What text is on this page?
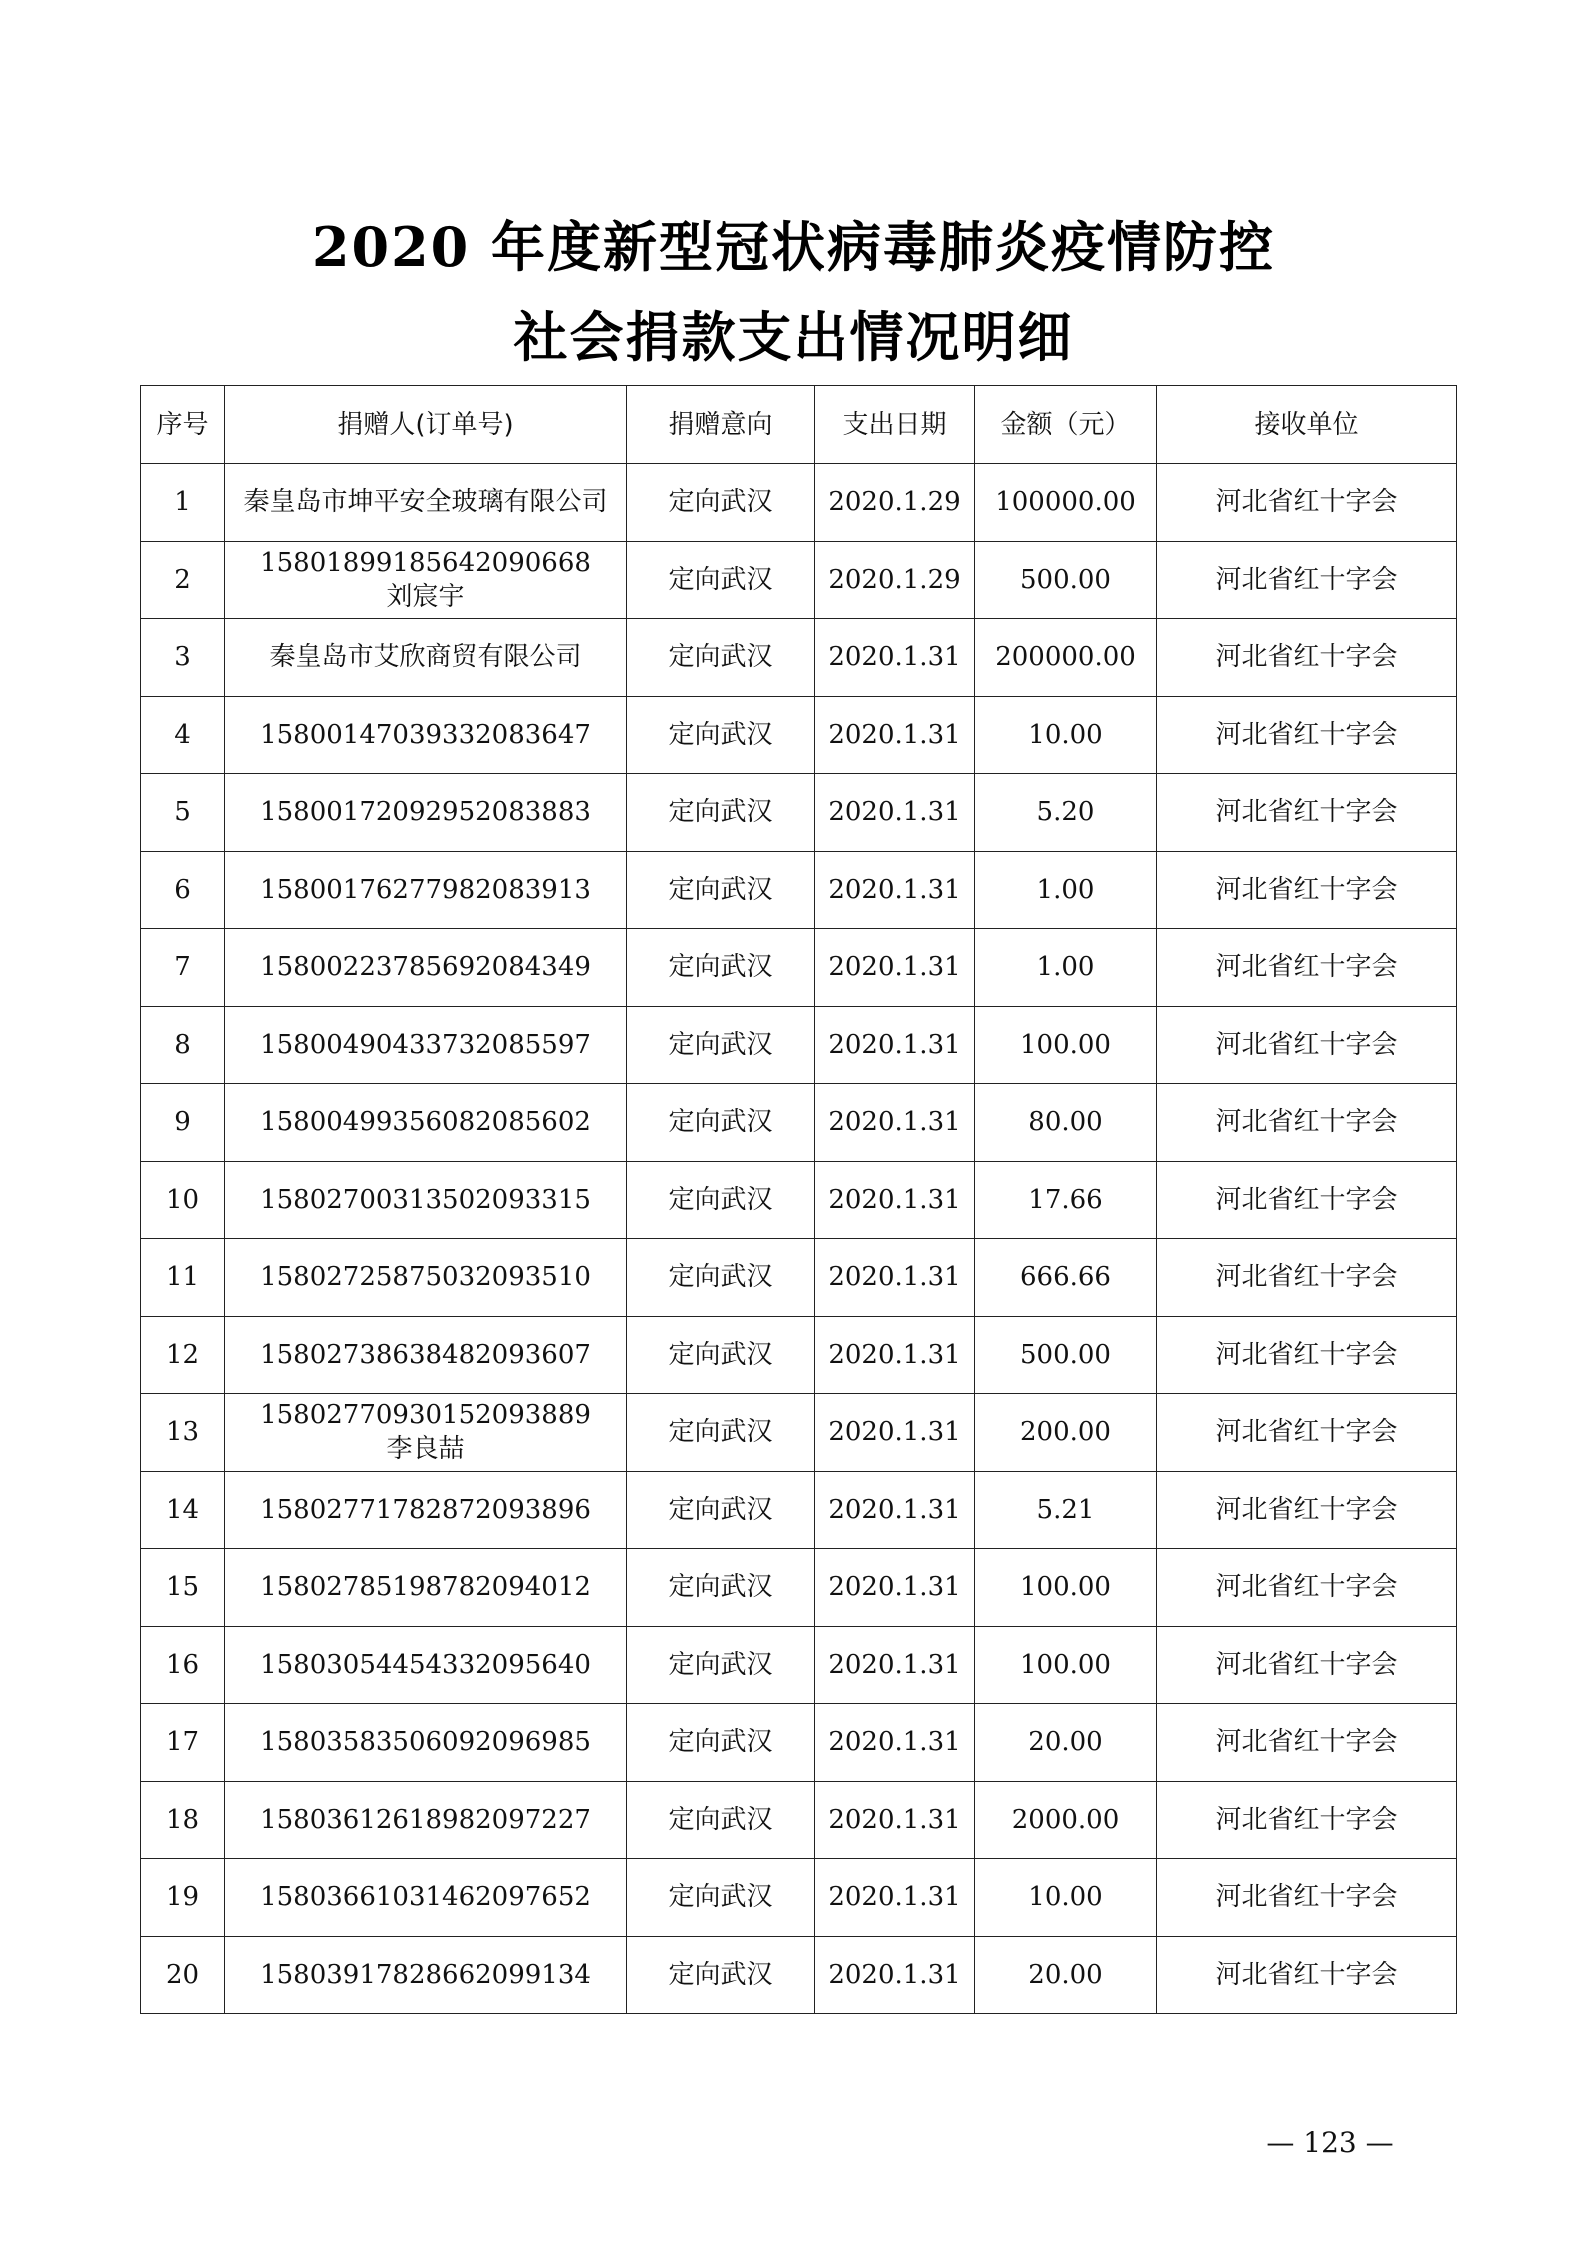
2020 年度新型冠状病毒肺炎疫情防控
社会捐款支出情况明细
序号	捐赠人(订单号)	捐赠意向	支出日期	金额（元）	接收单位
1	秦皇岛市坤平安全玻璃有限公司	定向武汉	2020.1.29	100000.00	河北省红十字会
2	15801899185642090668
刘宸宇	定向武汉	2020.1.29	500.00	河北省红十字会
3	秦皇岛市艾欣商贸有限公司	定向武汉	2020.1.31	200000.00	河北省红十字会
4	15800147039332083647	定向武汉	2020.1.31	10.00	河北省红十字会
5	15800172092952083883	定向武汉	2020.1.31	5.20	河北省红十字会
6	15800176277982083913	定向武汉	2020.1.31	1.00	河北省红十字会
7	15800223785692084349	定向武汉	2020.1.31	1.00	河北省红十字会
8	15800490433732085597	定向武汉	2020.1.31	100.00	河北省红十字会
9	15800499356082085602	定向武汉	2020.1.31	80.00	河北省红十字会
10	15802700313502093315	定向武汉	2020.1.31	17.66	河北省红十字会
11	15802725875032093510	定向武汉	2020.1.31	666.66	河北省红十字会
12	15802738638482093607	定向武汉	2020.1.31	500.00	河北省红十字会
13	15802770930152093889
李良喆	定向武汉	2020.1.31	200.00	河北省红十字会
14	15802771782872093896	定向武汉	2020.1.31	5.21	河北省红十字会
15	15802785198782094012	定向武汉	2020.1.31	100.00	河北省红十字会
16	15803054454332095640	定向武汉	2020.1.31	100.00	河北省红十字会
17	15803583506092096985	定向武汉	2020.1.31	20.00	河北省红十字会
18	15803612618982097227	定向武汉	2020.1.31	2000.00	河北省红十字会
19	15803661031462097652	定向武汉	2020.1.31	10.00	河北省红十字会
20	15803917828662099134	定向武汉	2020.1.31	20.00	河北省红十字会
— 123 —
